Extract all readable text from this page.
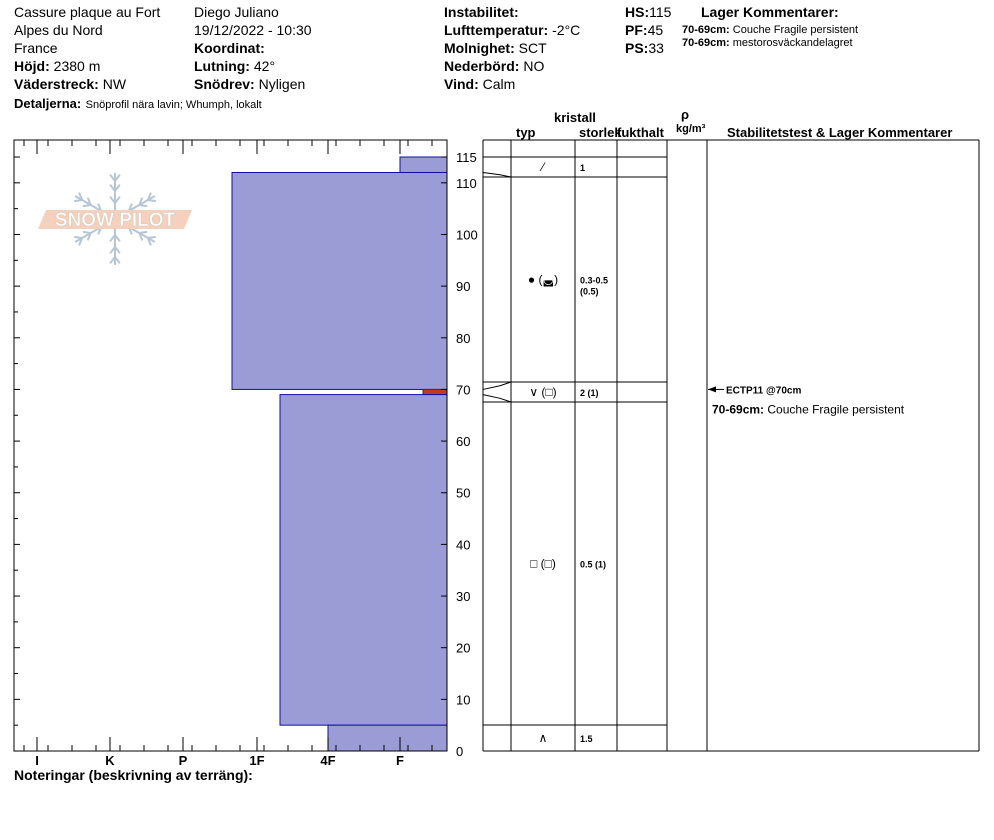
Cassure plaque au Fort
Alpes du Nord
France
Höjd: 2380 m
Väderstreck: NW
Detaljerna: Snöprofil nära lavin; Whumph, lokalt
Diego Juliano
19/12/2022 - 10:30
Koordinat:
Lutning: 42°
Snödrev: Nyligen
Instabilitet:
Lufttemperatur: -2°C
Molnighet: SCT
Nederbörd: NO
Vind: Calm
HS:115
PF:45
PS:33
Lager Kommentarer:
70-69cm: Couche Fragile persistent
70-69cm: mestorosväckandelagret
kristall
typ	storlek
fukthalt
ρ
kg/m³ Stabilitetstest & Lager Kommentarer
SNOW PILOT
I	K	P	1F	4F	F
0
10
20
30
40
50
60
70
80
90
100
110
115
⁄	1
● (◛) 0.3-0.5
(0.5)
∨ (□)	2 (1)
□ (□)	0.5 (1)
∧	1.5
ECTP11 @70cm
70-69cm: Couche Fragile persistent
Noteringar (beskrivning av terräng):
